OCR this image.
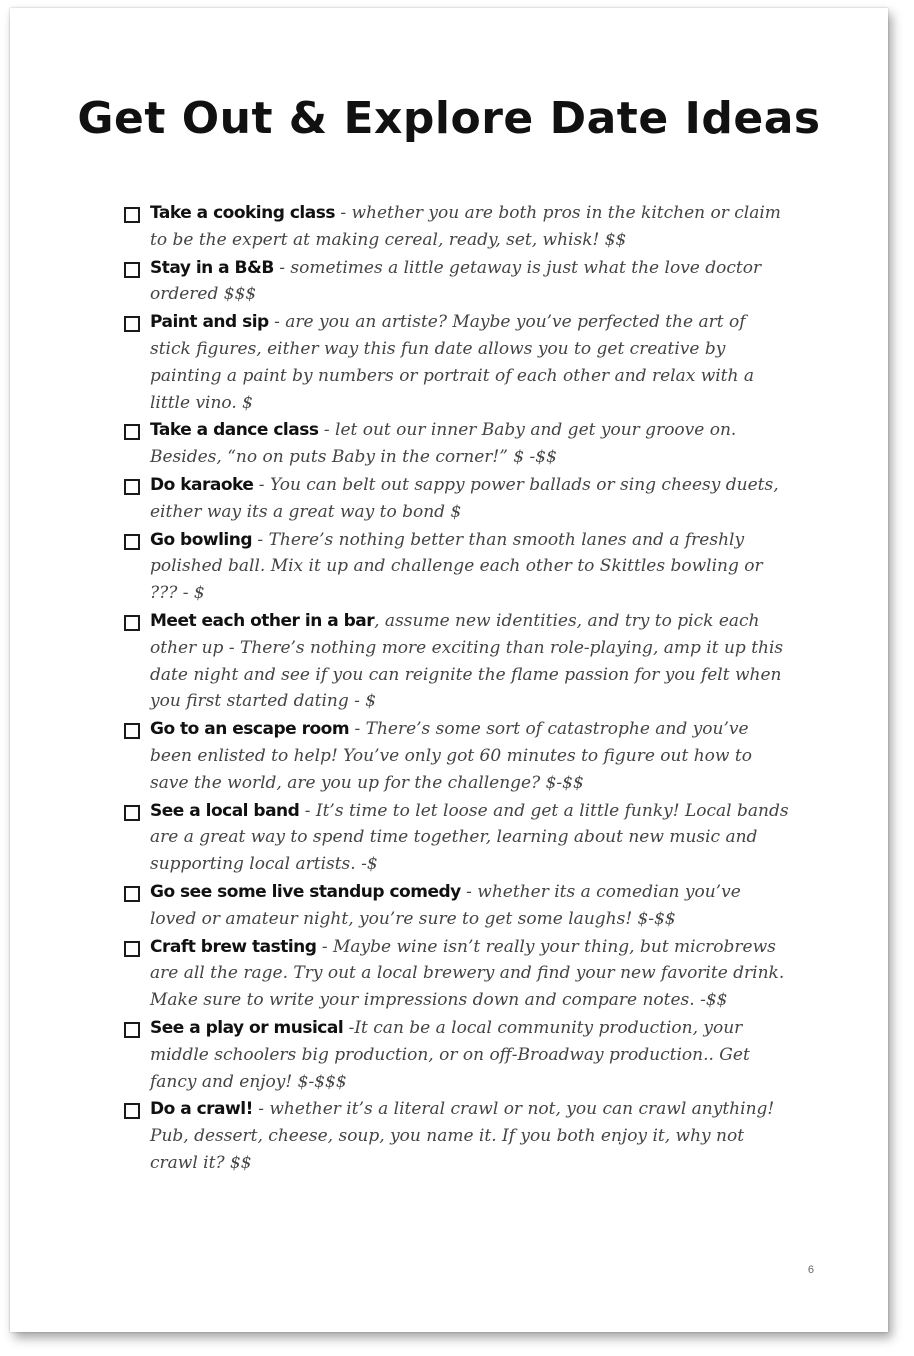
Get Out & Explore Date Ideas
Take a cooking class - whether you are both pros in the kitchen or claim to be the expert at making cereal, ready, set, whisk! $$
Stay in a B&B - sometimes a little getaway is just what the love doctor ordered $$$
Paint and sip - are you an artiste? Maybe you’ve perfected the art of stick figures, either way this fun date allows you to get creative by painting a paint by numbers or portrait of each other and relax with a little vino. $
Take a dance class - let out our inner Baby and get your groove on. Besides, “no on puts Baby in the corner!” $ -$$
Do karaoke - You can belt out sappy power ballads or sing cheesy duets, either way its a great way to bond $
Go bowling - There’s nothing better than smooth lanes and a freshly polished ball. Mix it up and challenge each other to Skittles bowling or ??? - $
Meet each other in a bar, assume new identities, and try to pick each other up - There’s nothing more exciting than role-playing, amp it up this date night and see if you can reignite the flame passion for you felt when you first started dating - $
Go to an escape room - There’s some sort of catastrophe and you’ve been enlisted to help! You’ve only got 60 minutes to figure out how to save the world, are you up for the challenge? $-$$
See a local band - It’s time to let loose and get a little funky! Local bands are a great way to spend time together, learning about new music and supporting local artists. -$
Go see some live standup comedy - whether its a comedian you’ve loved or amateur night, you’re sure to get some laughs! $-$$
Craft brew tasting - Maybe wine isn’t really your thing, but microbrews are all the rage. Try out a local brewery and find your new favorite drink. Make sure to write your impressions down and compare notes. -$$
See a play or musical -It can be a local community production, your middle schoolers big production, or on off-Broadway production.. Get fancy and enjoy! $-$$$
Do a crawl! - whether it’s a literal crawl or not, you can crawl anything! Pub, dessert, cheese, soup, you name it. If you both enjoy it, why not crawl it? $$
6
